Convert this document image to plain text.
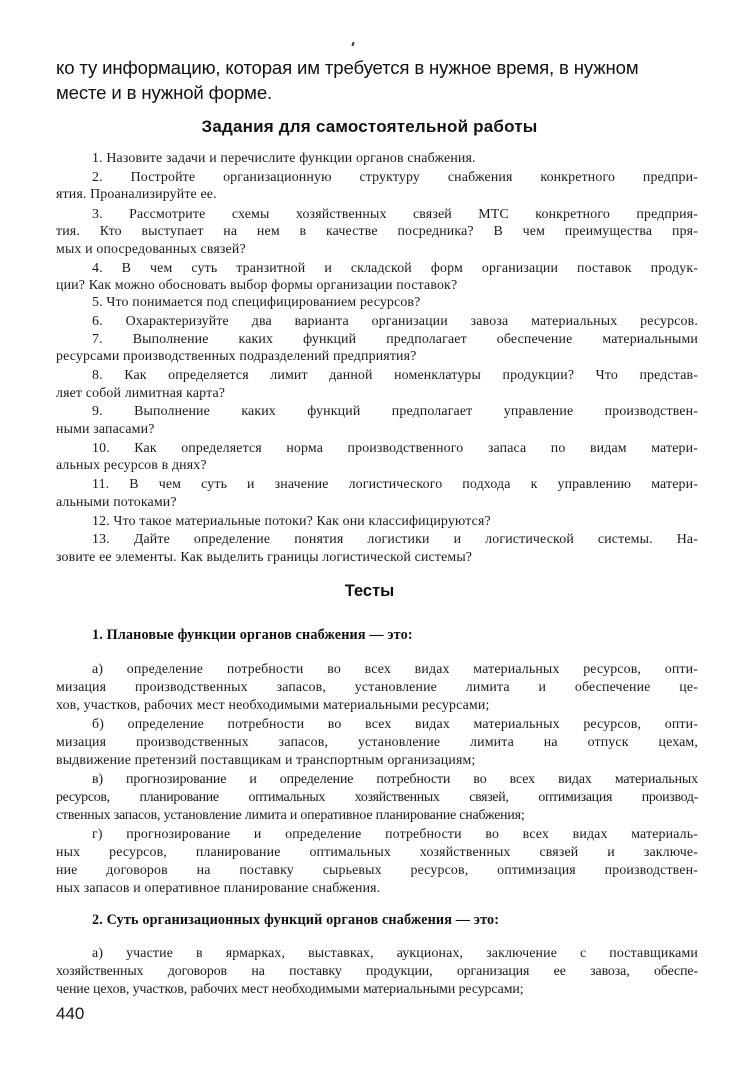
ко ту информацию, которая им требуется в нужное время, в нужном
месте и в нужной форме.
Задания для самостоятельной работы
1. Назовите задачи и перечислите функции органов снабжения.
2. Постройте организационную структуру снабжения конкретного предпри-
ятия. Проанализируйте ее.
3. Рассмотрите схемы хозяйственных связей МТС конкретного предприя-
тия. Кто выступает на нем в качестве посредника? В чем преимущества пря-
мых и опосредованных связей?
4. В чем суть транзитной и складской форм организации поставок продук-
ции? Как можно обосновать выбор формы организации поставок?
5. Что понимается под специфицированием ресурсов?
6. Охарактеризуйте два варианта организации завоза материальных ресурсов.
7. Выполнение каких функций предполагает обеспечение материальными
ресурсами производственных подразделений предприятия?
8. Как определяется лимит данной номенклатуры продукции? Что представ-
ляет собой лимитная карта?
9. Выполнение каких функций предполагает управление производствен-
ными запасами?
10. Как определяется норма производственного запаса по видам матери-
альных ресурсов в днях?
11. В чем суть и значение логистического подхода к управлению матери-
альными потоками?
12. Что такое материальные потоки? Как они классифицируются?
13. Дайте определение понятия логистики и логистической системы. На-
зовите ее элементы. Как выделить границы логистической системы?
Тесты
1. Плановые функции органов снабжения — это:
а) определение потребности во всех видах материальных ресурсов, опти-
мизация производственных запасов, установление лимита и обеспечение це-
хов, участков, рабочих мест необходимыми материальными ресурсами;
б) определение потребности во всех видах материальных ресурсов, опти-
мизация производственных запасов, установление лимита на отпуск цехам,
выдвижение претензий поставщикам и транспортным организациям;
в) прогнозирование и определение потребности во всех видах материальных
ресурсов, планирование оптимальных хозяйственных связей, оптимизация производ-
ственных запасов, установление лимита и оперативное планирование снабжения;
г) прогнозирование и определение потребности во всех видах материаль-
ных ресурсов, планирование оптимальных хозяйственных связей и заключе-
ние договоров на поставку сырьевых ресурсов, оптимизация производствен-
ных запасов и оперативное планирование снабжения.
2. Суть организационных функций органов снабжения — это:
а) участие в ярмарках, выставках, аукционах, заключение с поставщиками
хозяйственных договоров на поставку продукции, организация ее завоза, обеспе-
чение цехов, участков, рабочих мест необходимыми материальными ресурсами;
440
